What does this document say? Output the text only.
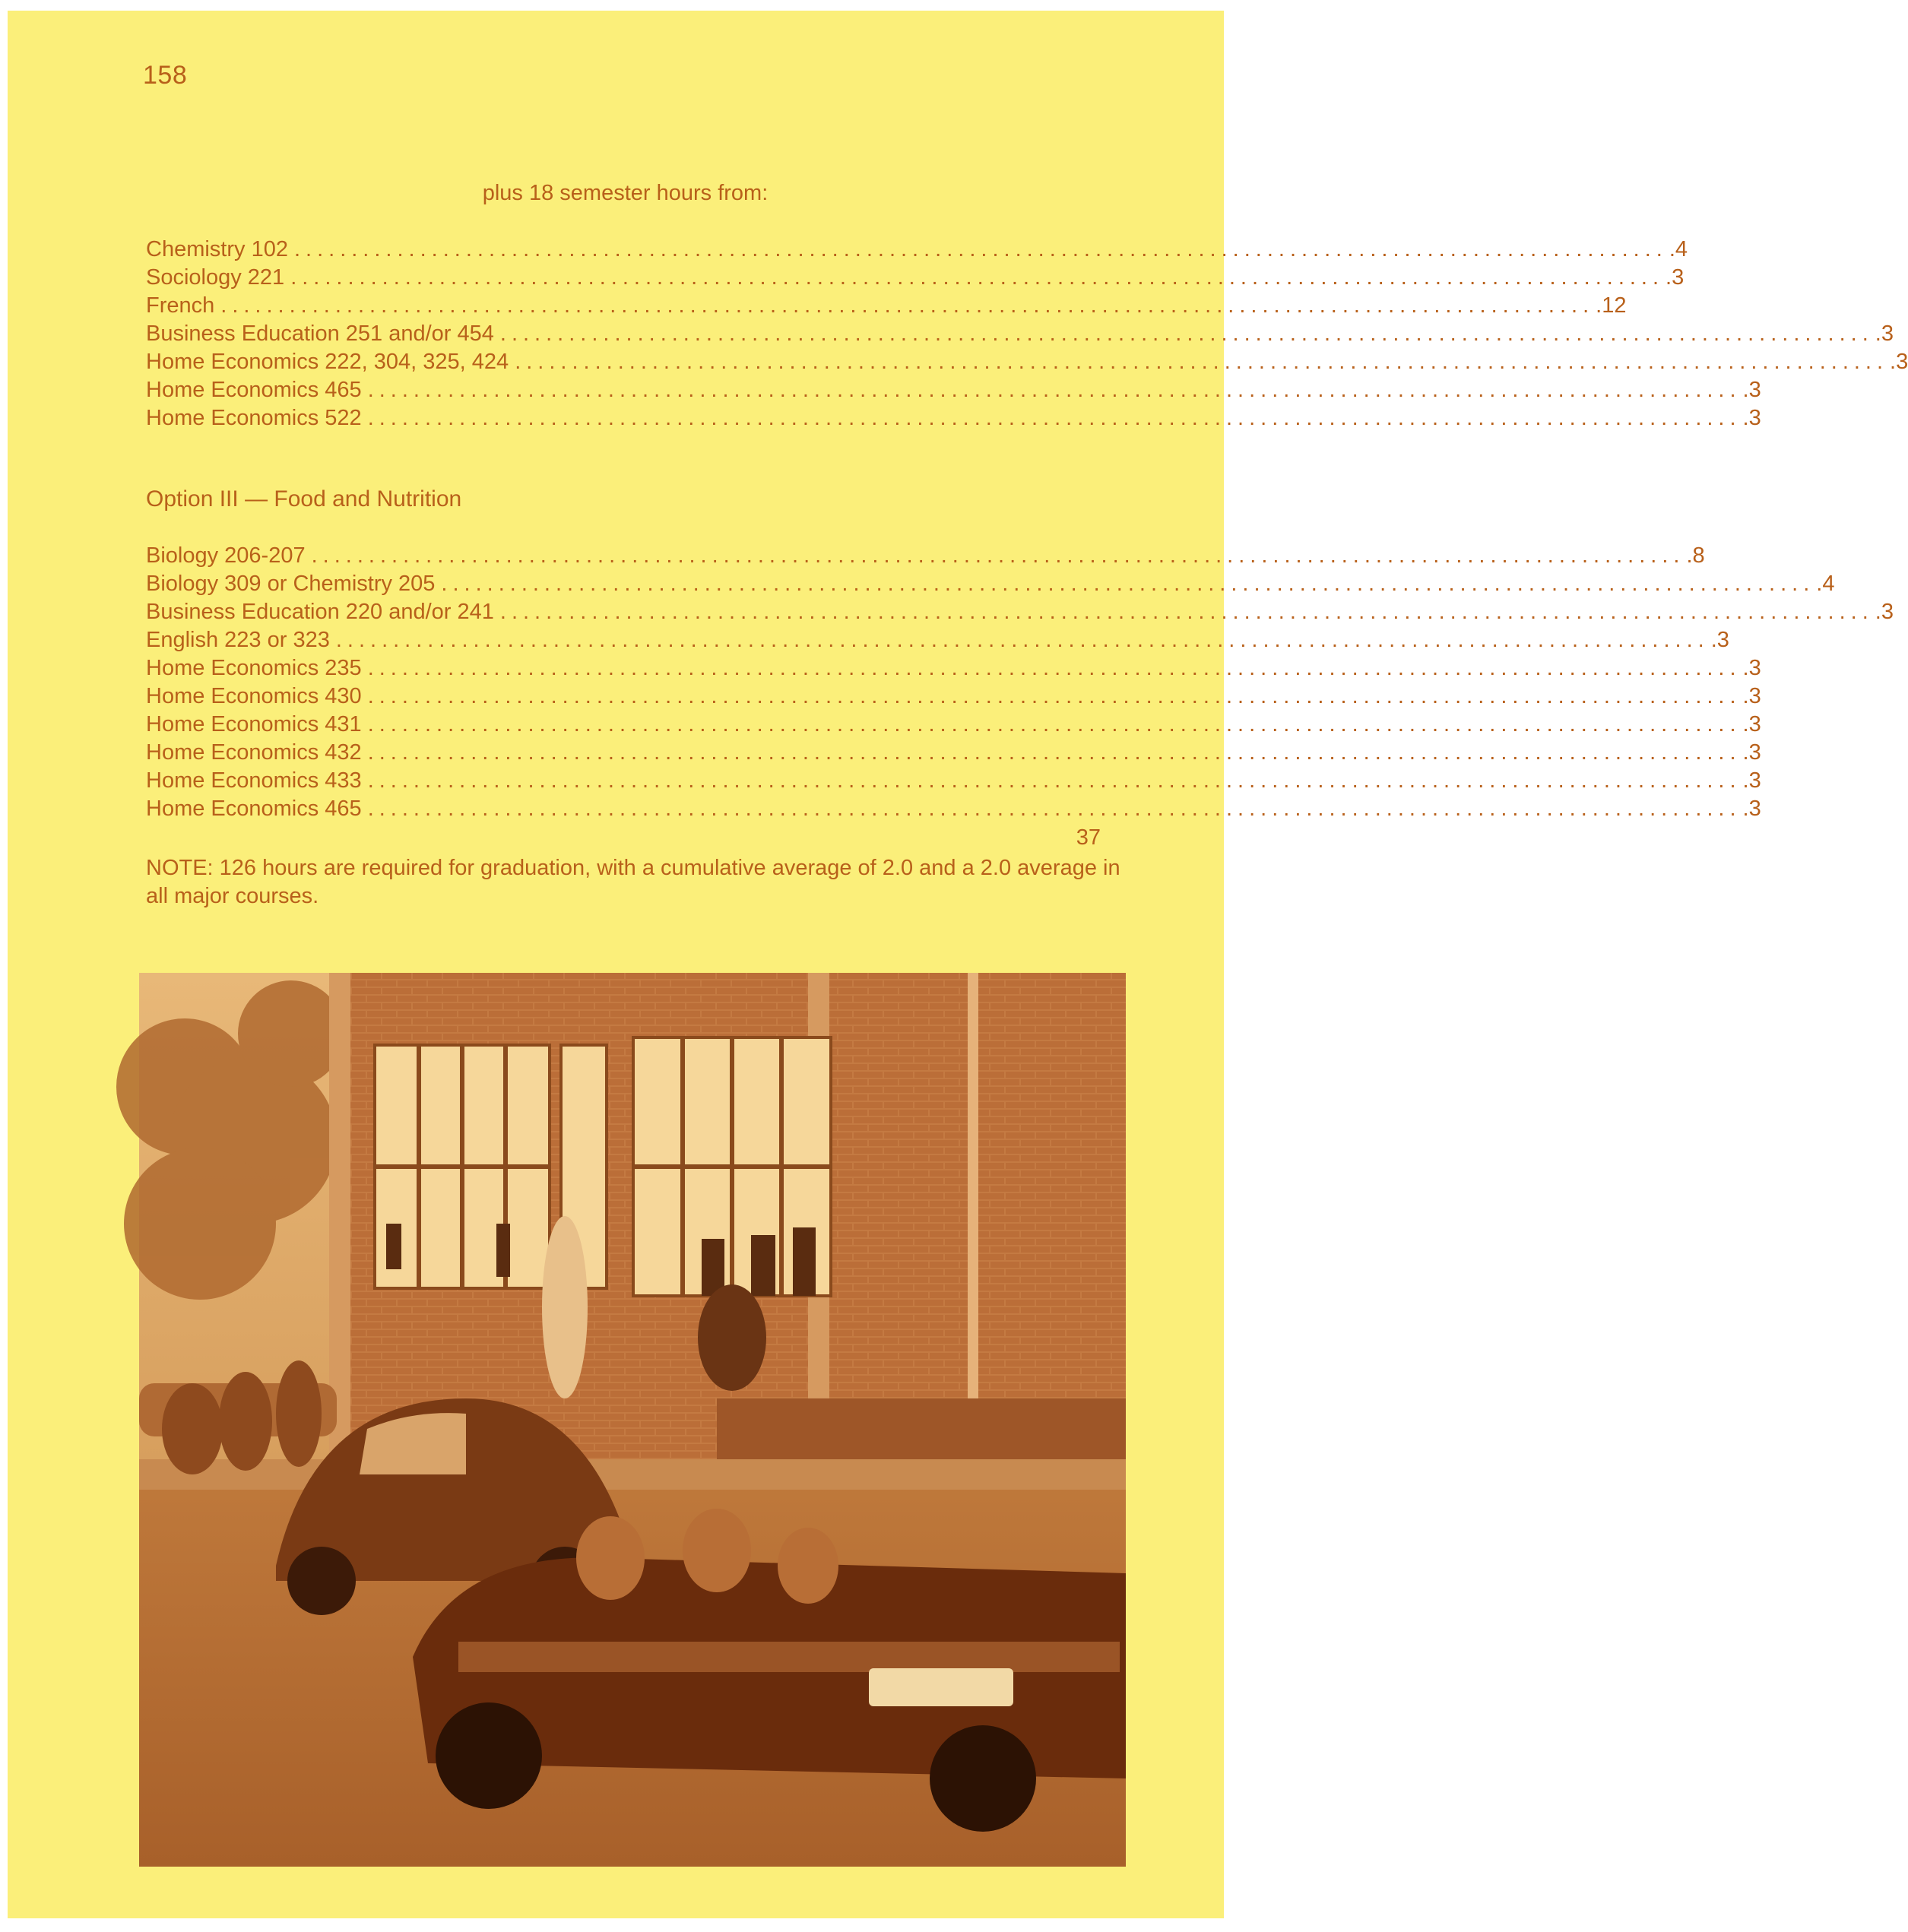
158
plus 18 semester hours from:
Chemistry 102 ........................................................................................................................ .4
Sociology 221 ........................................................................................................................ .3
French ........................................................................................................................ .12
Business Education 251 and/or 454 ........................................................................................................................ .3
Home Economics 222, 304, 325, 424 ........................................................................................................................ .3
Home Economics 465 ........................................................................................................................ .3
Home Economics 522 ........................................................................................................................ .3
Option III — Food and Nutrition
Biology 206-207 ........................................................................................................................ .8
Biology 309 or Chemistry 205 ........................................................................................................................ .4
Business Education 220 and/or 241 ........................................................................................................................ .3
English 223 or 323 ........................................................................................................................ .3
Home Economics 235 ........................................................................................................................ .3
Home Economics 430 ........................................................................................................................ .3
Home Economics 431 ........................................................................................................................ .3
Home Economics 432 ........................................................................................................................ .3
Home Economics 433 ........................................................................................................................ .3
Home Economics 465 ........................................................................................................................ .3
37
NOTE: 126 hours are required for graduation, with a cumulative average of 2.0 and a 2.0 average in all major courses.
